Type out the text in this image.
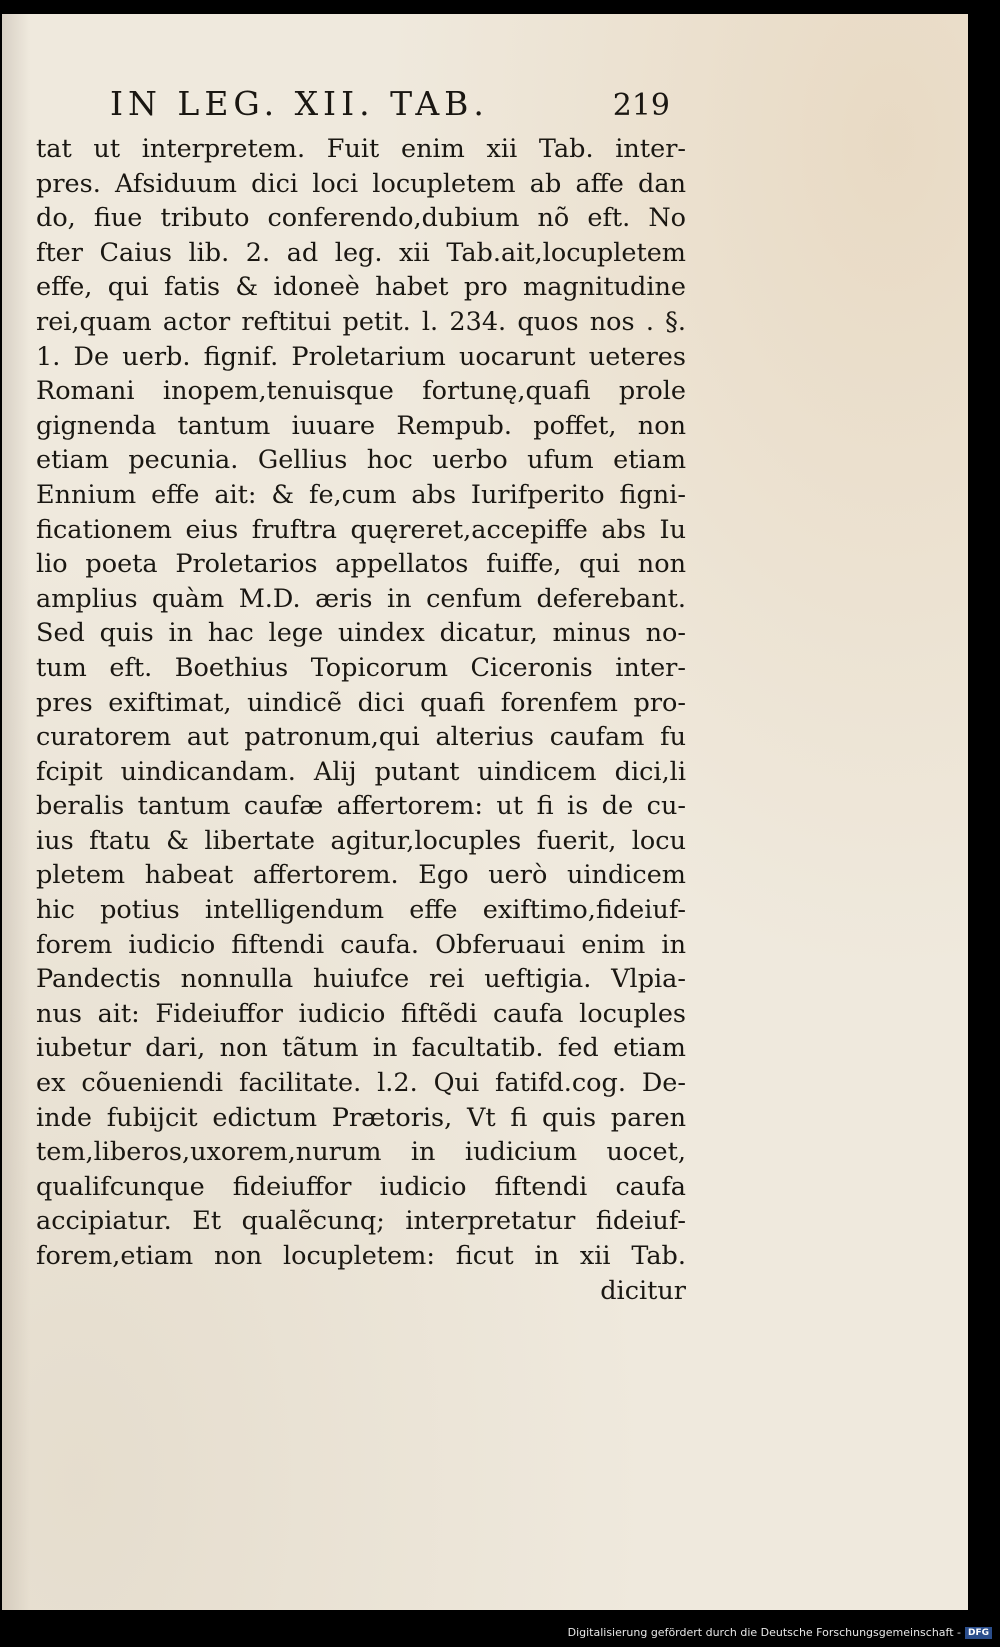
IN LEG. XII. TAB.	219
tat ut interpretem. Fuit enim xii Tab. inter-
pres. Afsiduum dici loci locupletem ab affe dan
do, fiue tributo conferendo,dubium nõ eft. No
fter Caius lib. 2. ad leg. xii Tab.ait,locupletem
effe, qui fatis & idoneè habet pro magnitudine
rei,quam actor reftitui petit. l. 234. quos nos . §.
1. De uerb. fignif. Proletarium uocarunt ueteres
Romani inopem,tenuisque fortunę,quafi prole
gignenda tantum iuuare Rempub. poffet, non
etiam pecunia. Gellius hoc uerbo ufum etiam
Ennium effe ait: & fe,cum abs Iurifperito figni-
ficationem eius fruftra quęreret,accepiffe abs Iu
lio poeta Proletarios appellatos fuiffe, qui non
amplius quàm M.D. æris in cenfum deferebant.
Sed quis in hac lege uindex dicatur, minus no-
tum eft. Boethius Topicorum Ciceronis inter-
pres exiftimat, uindicẽ dici quafi forenfem pro-
curatorem aut patronum,qui alterius caufam fu
fcipit uindicandam. Alij putant uindicem dici,li
beralis tantum caufæ affertorem: ut fi is de cu-
ius ftatu & libertate agitur,locuples fuerit, locu
pletem habeat affertorem. Ego uerò uindicem
hic potius intelligendum effe exiftimo,fideiuf-
forem iudicio fiftendi caufa. Obferuaui enim in
Pandectis nonnulla huiufce rei ueftigia. Vlpia-
nus ait: Fideiuffor iudicio fiftẽdi caufa locuples
iubetur dari, non tãtum in facultatib. fed etiam
ex cõueniendi facilitate. l.2. Qui fatifd.cog. De-
inde fubijcit edictum Prætoris, Vt fi quis paren
tem,liberos,uxorem,nurum in iudicium uocet,
qualifcunque fideiuffor iudicio fiftendi caufa
accipiatur. Et qualẽcunq; interpretatur fideiuf-
forem,etiam non locupletem: ficut in xii Tab.
dicitur
Digitalisierung gefördert durch die Deutsche Forschungsgemeinschaft - DFG
